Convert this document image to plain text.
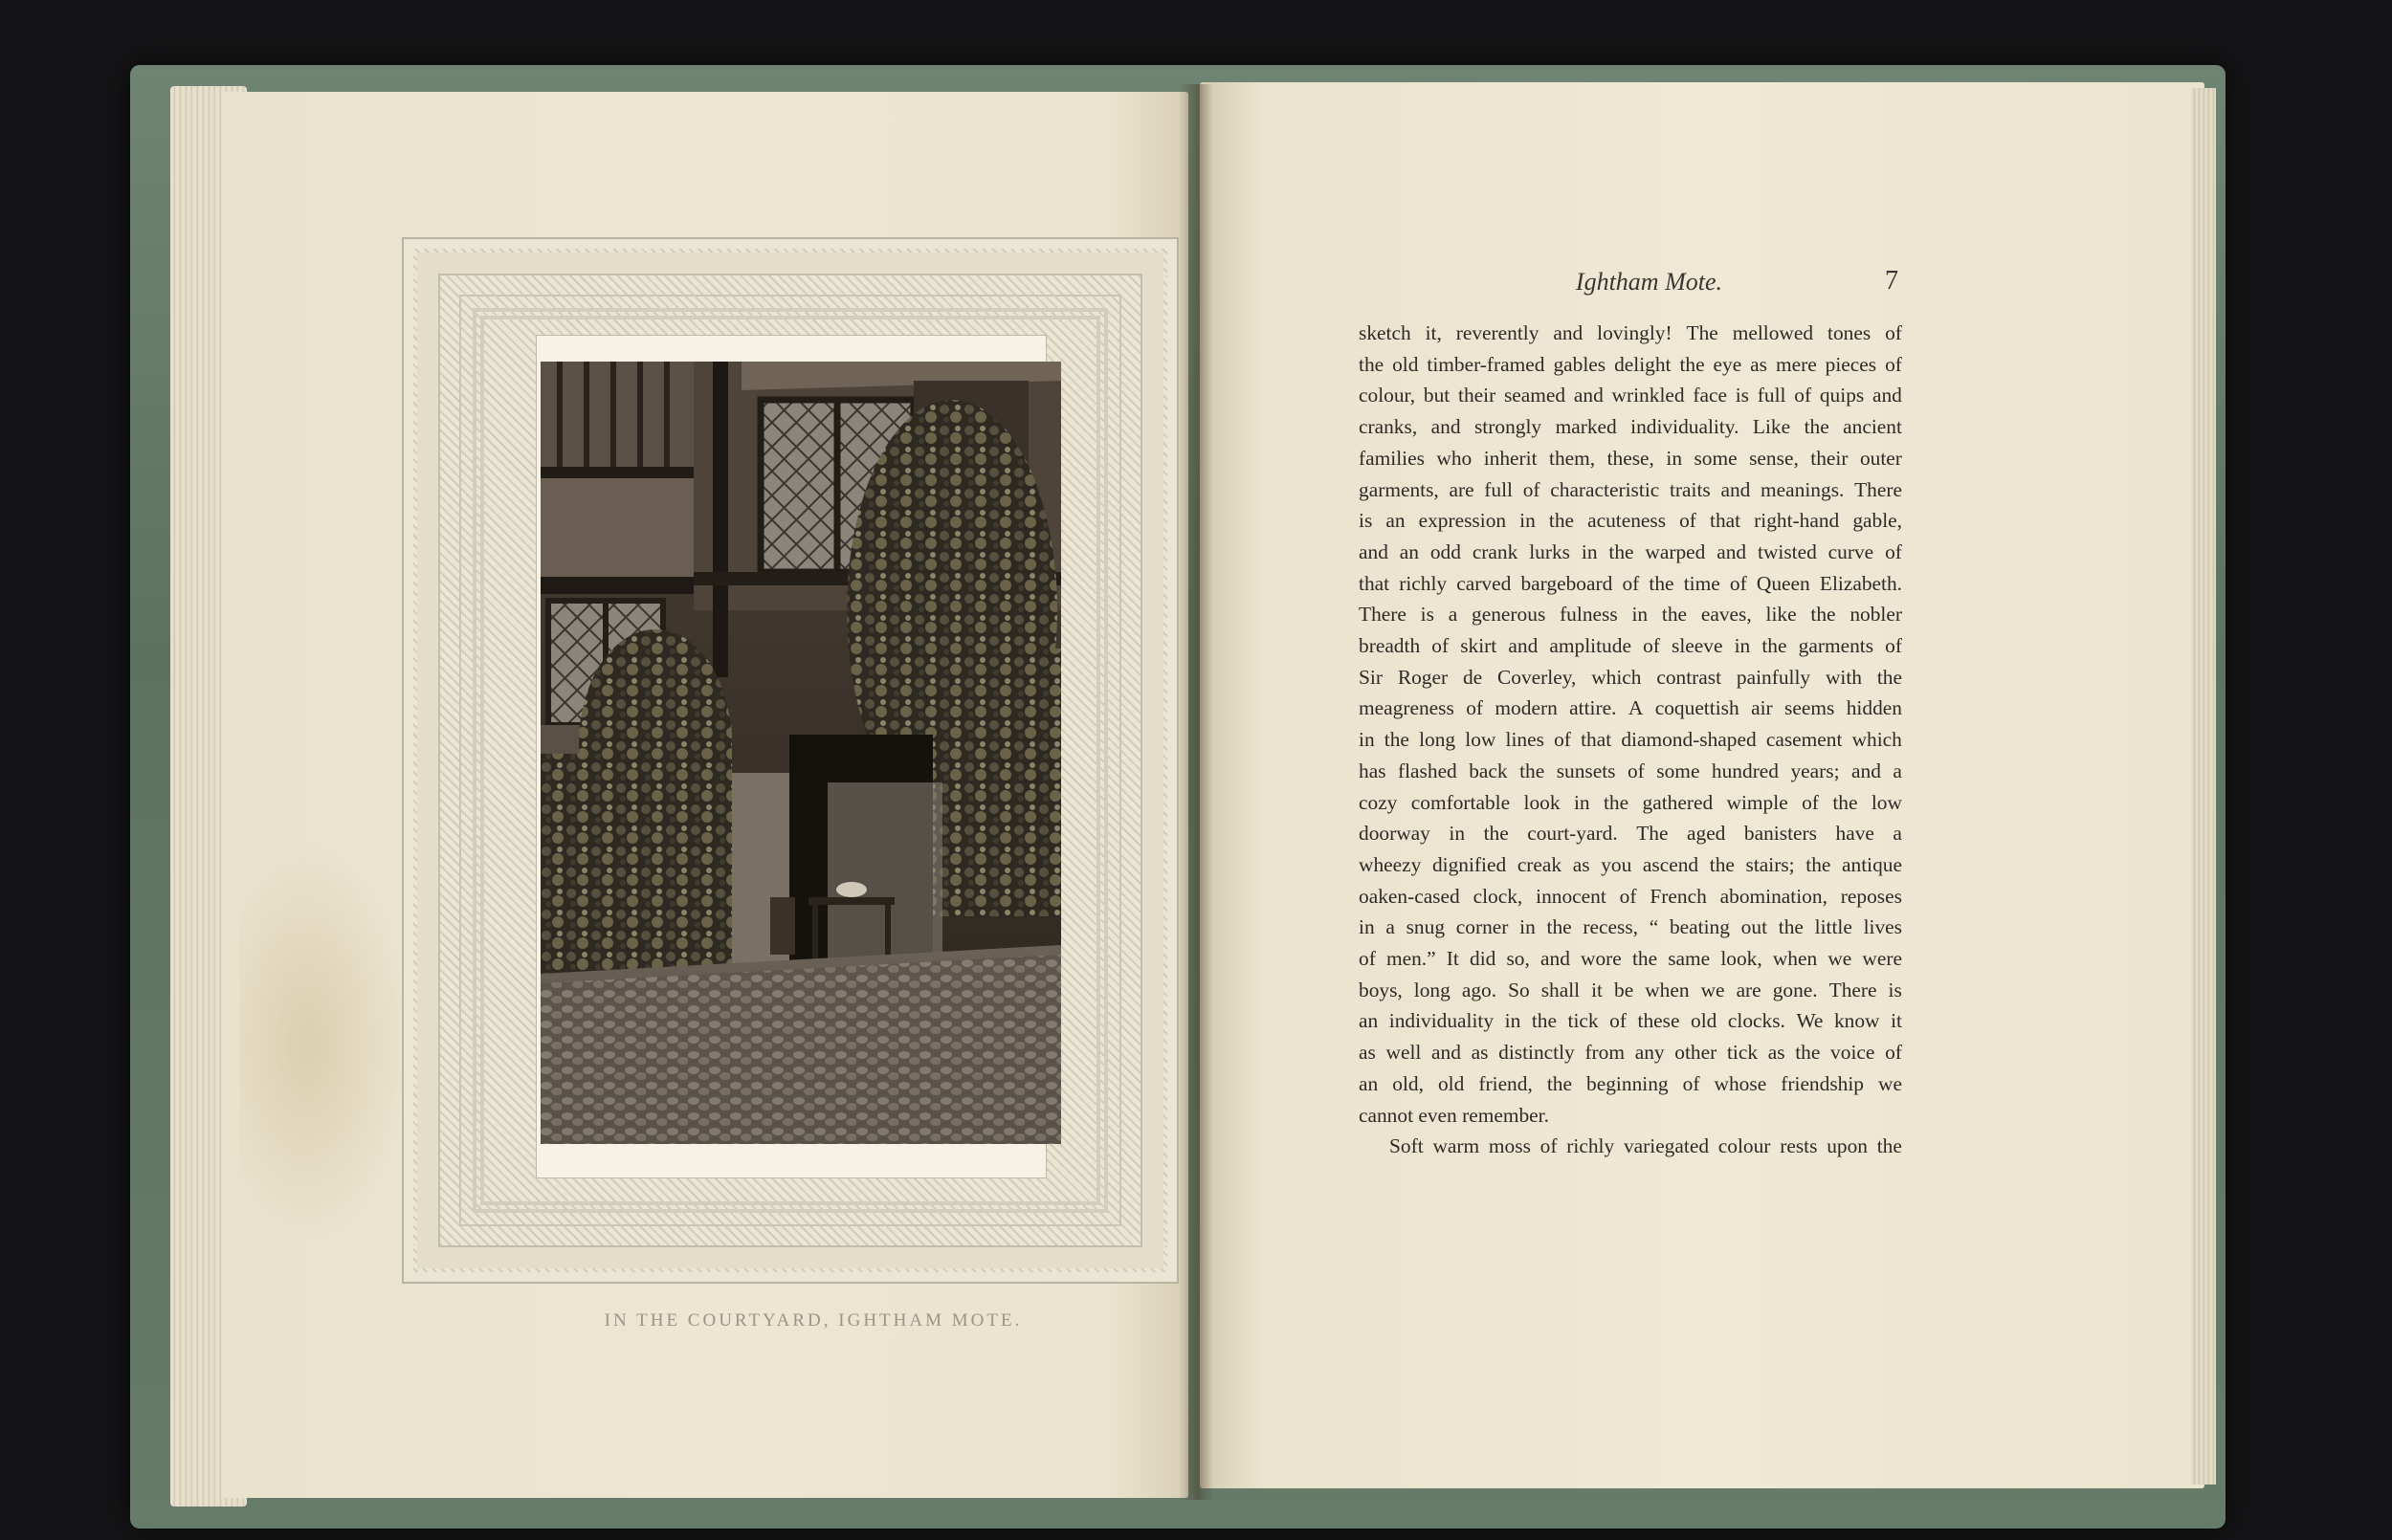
IN THE COURTYARD, IGHTHAM MOTE.
Ightham Mote.	7
sketch it, reverently and lovingly! The mellowed tones of
the old timber-framed gables delight the eye as mere pieces of
colour, but their seamed and wrinkled face is full of quips and
cranks, and strongly marked individuality. Like the ancient
families who inherit them, these, in some sense, their outer
garments, are full of characteristic traits and meanings. There
is an expression in the acuteness of that right-hand gable,
and an odd crank lurks in the warped and twisted curve of
that richly carved bargeboard of the time of Queen Elizabeth.
There is a generous fulness in the eaves, like the nobler
breadth of skirt and amplitude of sleeve in the garments of
Sir Roger de Coverley, which contrast painfully with the
meagreness of modern attire. A coquettish air seems hidden
in the long low lines of that diamond-shaped casement which
has flashed back the sunsets of some hundred years; and a
cozy comfortable look in the gathered wimple of the low
doorway in the court-yard. The aged banisters have a
wheezy dignified creak as you ascend the stairs; the antique
oaken-cased clock, innocent of French abomination, reposes
in a snug corner in the recess, “ beating out the little lives
of men.” It did so, and wore the same look, when we were
boys, long ago. So shall it be when we are gone. There is
an individuality in the tick of these old clocks. We know it
as well and as distinctly from any other tick as the voice of
an old, old friend, the beginning of whose friendship we
cannot even remember.
Soft warm moss of richly variegated colour rests upon the
